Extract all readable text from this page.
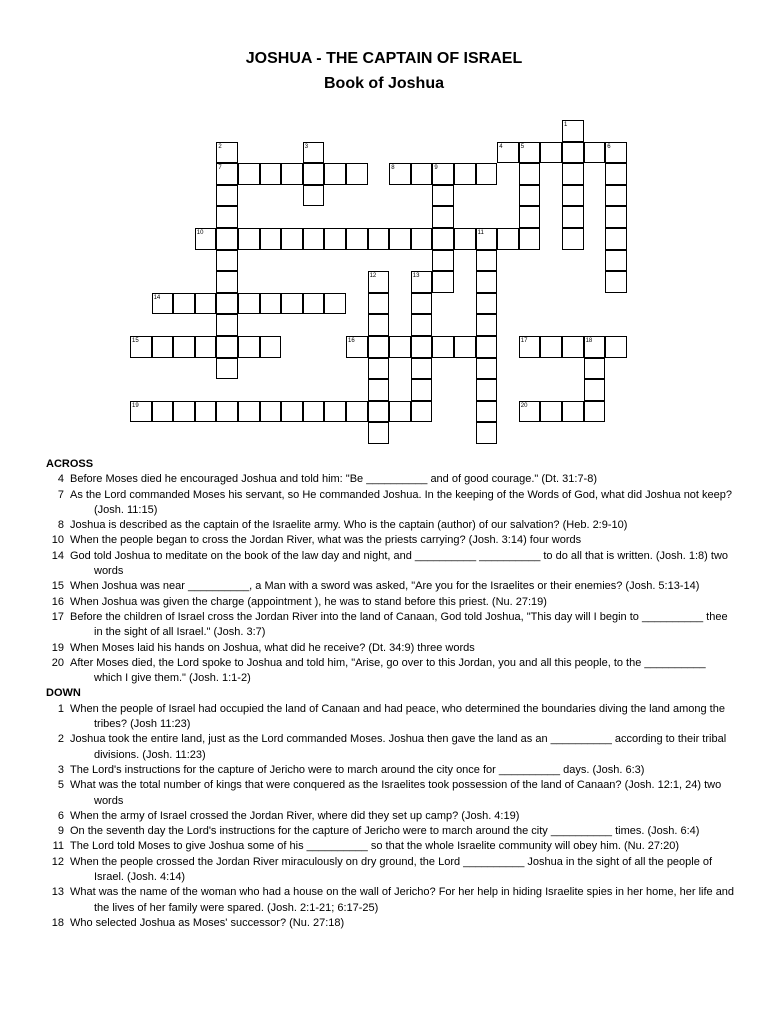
JOSHUA - THE CAPTAIN OF ISRAEL
Book of Joshua
1
2	3	4	5	6
7	8	9
10	11
12	13
14
15	16	17	18
19	20
ACROSS
4 Before Moses died he encouraged Joshua and told him: "Be __________ and of good courage." (Dt. 31:7-8)
7 As the Lord commanded Moses his servant, so He commanded Joshua. In the keeping of the Words of God, what did Joshua not keep? (Josh. 11:15)
8 Joshua is described as the captain of the Israelite army. Who is the captain (author) of our salvation? (Heb. 2:9-10)
10 When the people began to cross the Jordan River, what was the priests carrying? (Josh. 3:14) four words
14 God told Joshua to meditate on the book of the law day and night, and __________ __________ to do all that is written. (Josh. 1:8) two words
15 When Joshua was near __________, a Man with a sword was asked, "Are you for the Israelites or their enemies? (Josh. 5:13-14)
16 When Joshua was given the charge (appointment ), he was to stand before this priest. (Nu. 27:19)
17 Before the children of Israel cross the Jordan River into the land of Canaan, God told Joshua, "This day will I begin to __________ thee in the sight of all Israel." (Josh. 3:7)
19 When Moses laid his hands on Joshua, what did he receive? (Dt. 34:9) three words
20 After Moses died, the Lord spoke to Joshua and told him, "Arise, go over to this Jordan, you and all this people, to the __________ which I give them." (Josh. 1:1-2)
DOWN
1 When the people of Israel had occupied the land of Canaan and had peace, who determined the boundaries diving the land among the tribes? (Josh 11:23)
2 Joshua took the entire land, just as the Lord commanded Moses. Joshua then gave the land as an __________ according to their tribal divisions. (Josh. 11:23)
3 The Lord's instructions for the capture of Jericho were to march around the city once for __________ days. (Josh. 6:3)
5 What was the total number of kings that were conquered as the Israelites took possession of the land of Canaan? (Josh. 12:1, 24) two words
6 When the army of Israel crossed the Jordan River, where did they set up camp? (Josh. 4:19)
9 On the seventh day the Lord's instructions for the capture of Jericho were to march around the city __________ times. (Josh. 6:4)
11 The Lord told Moses to give Joshua some of his __________ so that the whole Israelite community will obey him. (Nu. 27:20)
12 When the people crossed the Jordan River miraculously on dry ground, the Lord __________ Joshua in the sight of all the people of Israel. (Josh. 4:14)
13 What was the name of the woman who had a house on the wall of Jericho? For her help in hiding Israelite spies in her home, her life and the lives of her family were spared. (Josh. 2:1-21; 6:17-25)
18 Who selected Joshua as Moses' successor? (Nu. 27:18)
